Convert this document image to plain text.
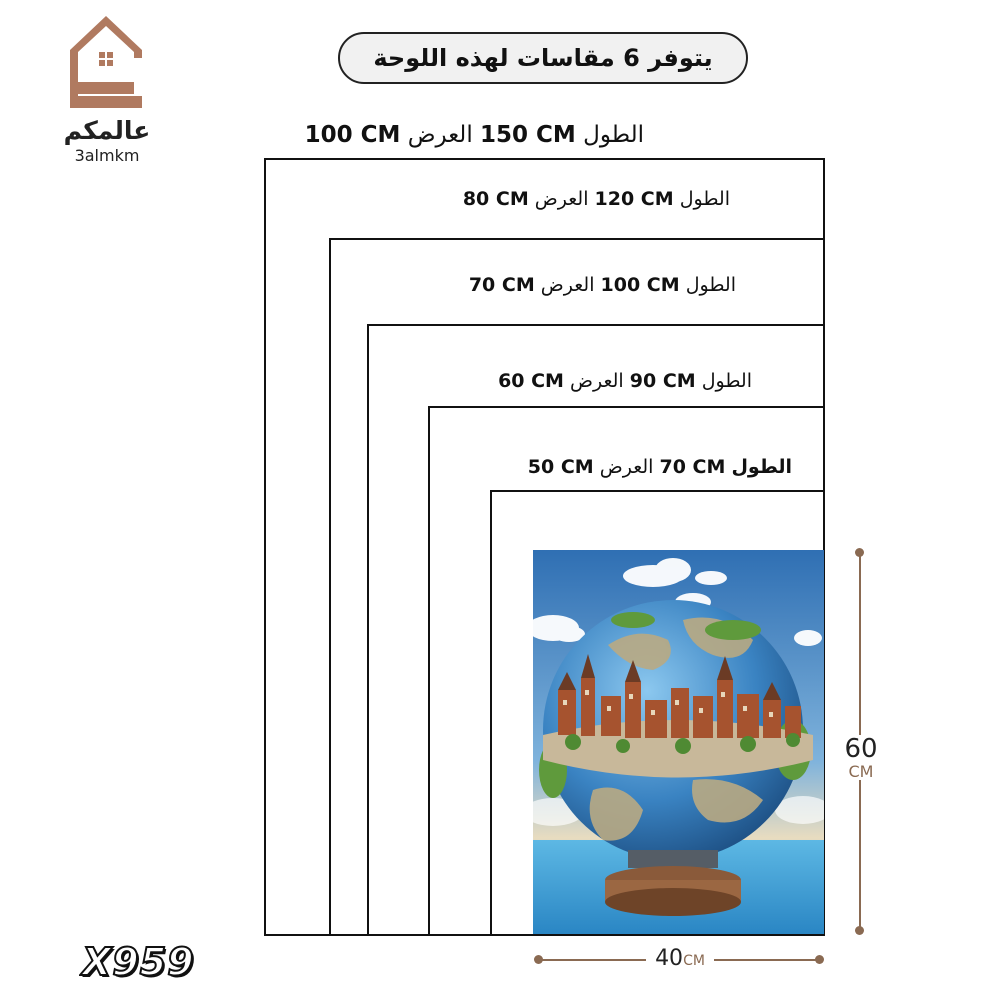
عالمكم
3almkm
يتوفر 6 مقاسات لهذه اللوحة
الطول 150 CM العرض 100 CM
الطول 120 CM العرض 80 CM
الطول 100 CM العرض 70 CM
الطول 90 CM العرض 60 CM
الطول 70 CM العرض 50 CM
60
CM
40CM
X959
